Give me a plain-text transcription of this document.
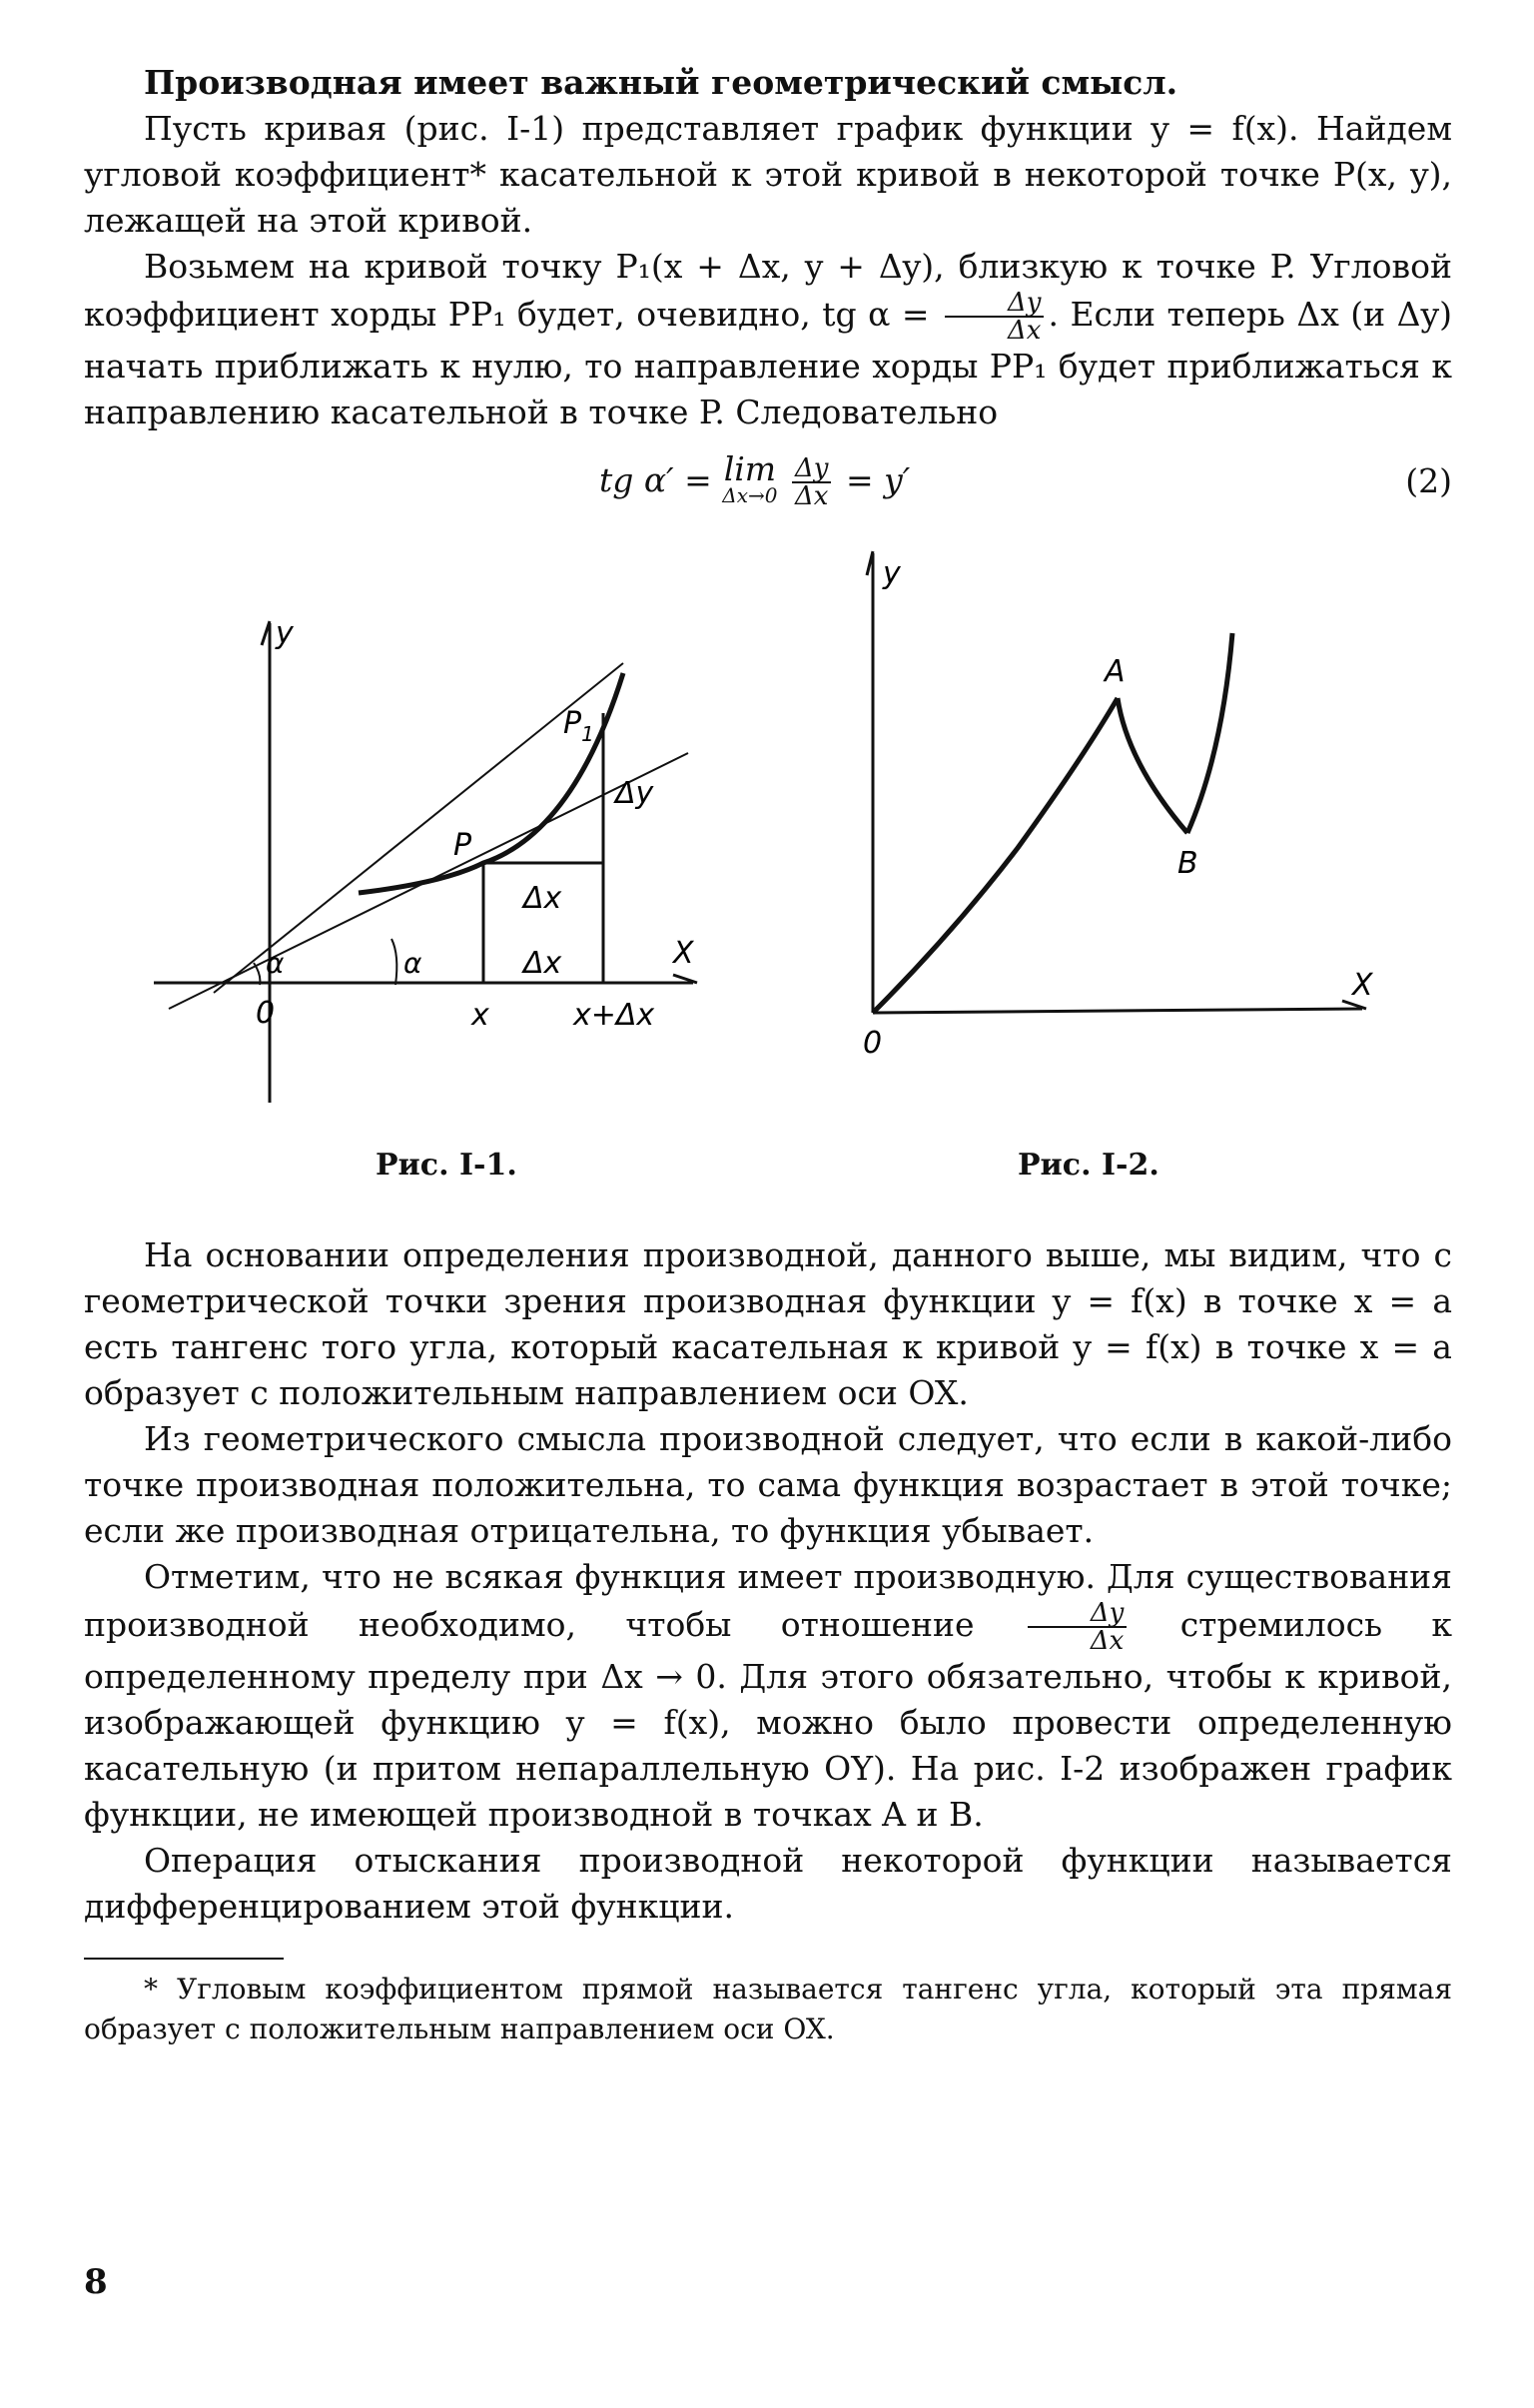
Производная имеет важный геометрический смысл.

Пусть кривая (рис. I-1) представляет график функции y = f(x). Найдем угловой коэффициент* касательной к этой кривой в некоторой точке P(x, y), лежащей на этой кривой.

Возьмем на кривой точку P₁(x + Δx, y + Δy), близкую к точке P. Угловой коэффициент хорды PP₁ будет, очевидно, tg $\alpha = \frac{\Delta y}{\Delta x}$ . Если теперь Δx (и Δy) начать приближать к нулю, то направление хорды PP₁ будет приближаться к направлению касательной в точке P. Следовательно

tg α′ = lim
Δx→0
$\frac{\Delta y}{\Delta x} = y'$	(2)
y
X
0
P
$P_1$
Δy
Δx
Δx
α	α
x	x+Δx
Рис. I-1.
y
X
0
A
B
Рис. I-2.

На основании определения производной, данного выше, мы видим, что с геометрической точки зрения производная функции y = f(x) в точке x = a есть тангенс того угла, который касательная к кривой y = f(x) в точке x = a образует с положительным направлением оси OX.

Из геометрического смысла производной следует, что если в какой-либо точке производная положительна, то сама функция возрастает в этой точке; если же производная отрицательна, то функция убывает.

Отметим, что не всякая функция имеет производную. Для существования производной необходимо, чтобы отношение $\frac{\Delta y}{\Delta x}$ стремилось к определенному пределу при Δx → 0. Для этого обязательно, чтобы к кривой, изображающей функцию y = f(x), можно было провести определенную касательную (и притом непараллельную OY). На рис. I-2 изображен график функции, не имеющей производной в точках A и B.

Операция отыскания производной некоторой функции называется дифференцированием этой функции.

* Угловым коэффициентом прямой называется тангенс угла, который эта прямая образует с положительным направлением оси OX.

8
